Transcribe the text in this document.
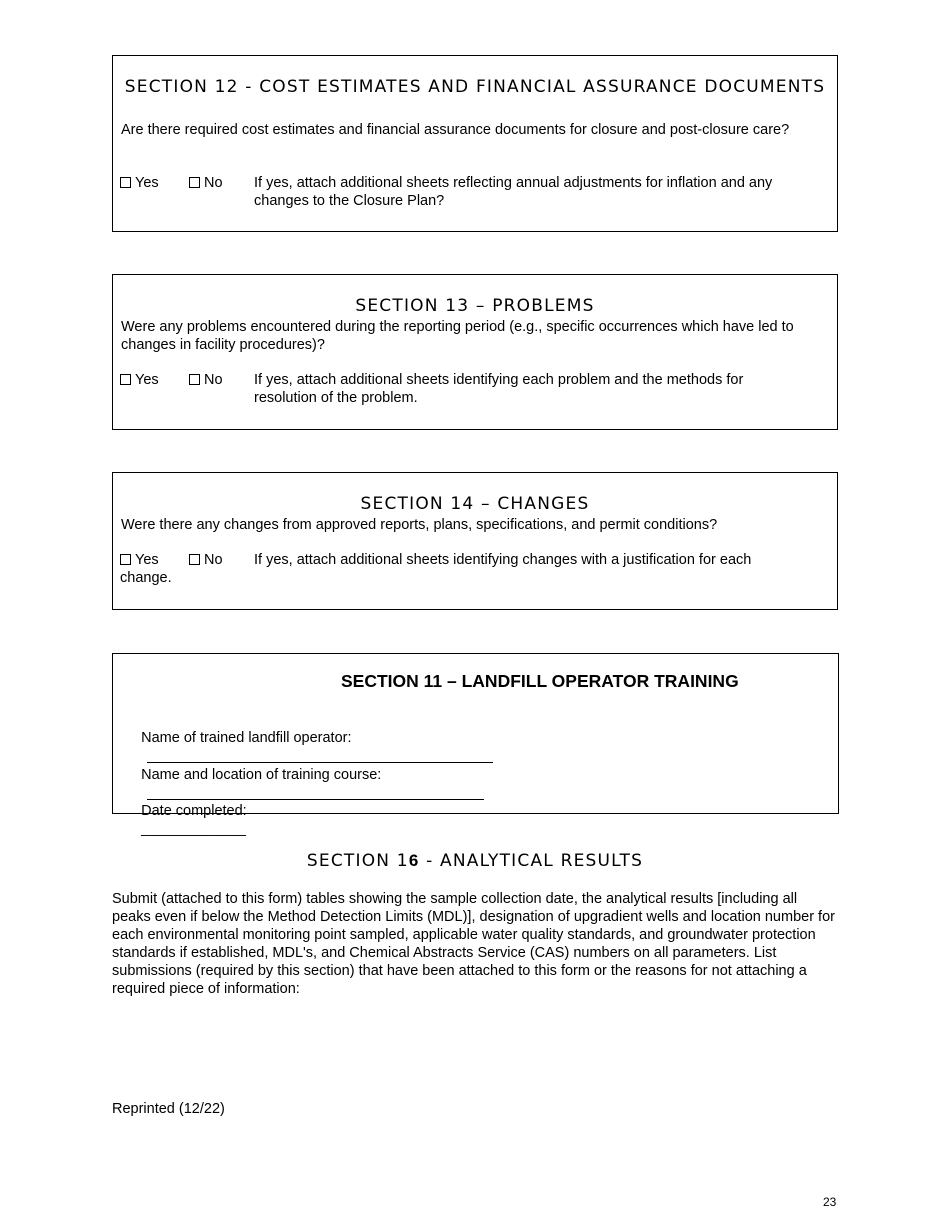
SECTION 12 - COST ESTIMATES AND FINANCIAL ASSURANCE DOCUMENTS
Are there required cost estimates and financial assurance documents for closure and post-closure care?
Yes	No If yes, attach additional sheets reflecting annual adjustments for inflation and any changes to the Closure Plan?
SECTION 13 – PROBLEMS
Were any problems encountered during the reporting period (e.g., specific occurrences which have led to changes in facility procedures)?
Yes	No If yes, attach additional sheets identifying each problem and the methods for resolution of the problem.
SECTION 14 – CHANGES
Were there any changes from approved reports, plans, specifications, and permit conditions?
Yes	No If yes, attach additional sheets identifying changes with a justification for each
change.
SECTION 11 – LANDFILL OPERATOR TRAINING

Name of trained landfill operator:

Name and location of training course:

Date completed:
_____________

SECTION 16 - ANALYTICAL RESULTS
Submit (attached to this form) tables showing the sample collection date, the analytical results [including all peaks even if below the Method Detection Limits (MDL)], designation of upgradient wells and location number for each environmental monitoring point sampled, applicable water quality standards, and groundwater protection standards if established, MDL's, and Chemical Abstracts Service (CAS) numbers on all parameters. List submissions (required by this section) that have been attached to this form or the reasons for not attaching a required piece of information:
Reprinted (12/22)
23
